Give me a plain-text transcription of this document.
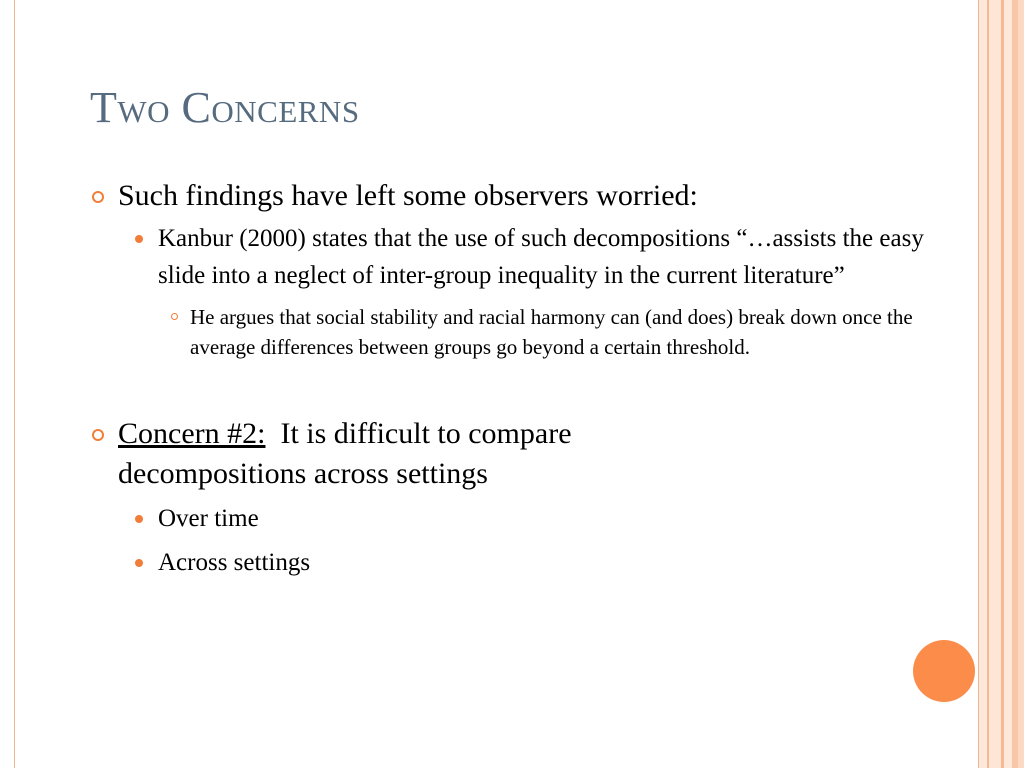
Two Concerns
Such findings have left some observers worried:
Kanbur (2000) states that the use of such decompositions “…assists the easy slide into a neglect of inter-group inequality in the current literature”
He argues that social stability and racial harmony can (and does) break down once the average differences between groups go beyond a certain threshold.
Concern #2: It is difficult to compare decompositions across settings
Over time
Across settings
